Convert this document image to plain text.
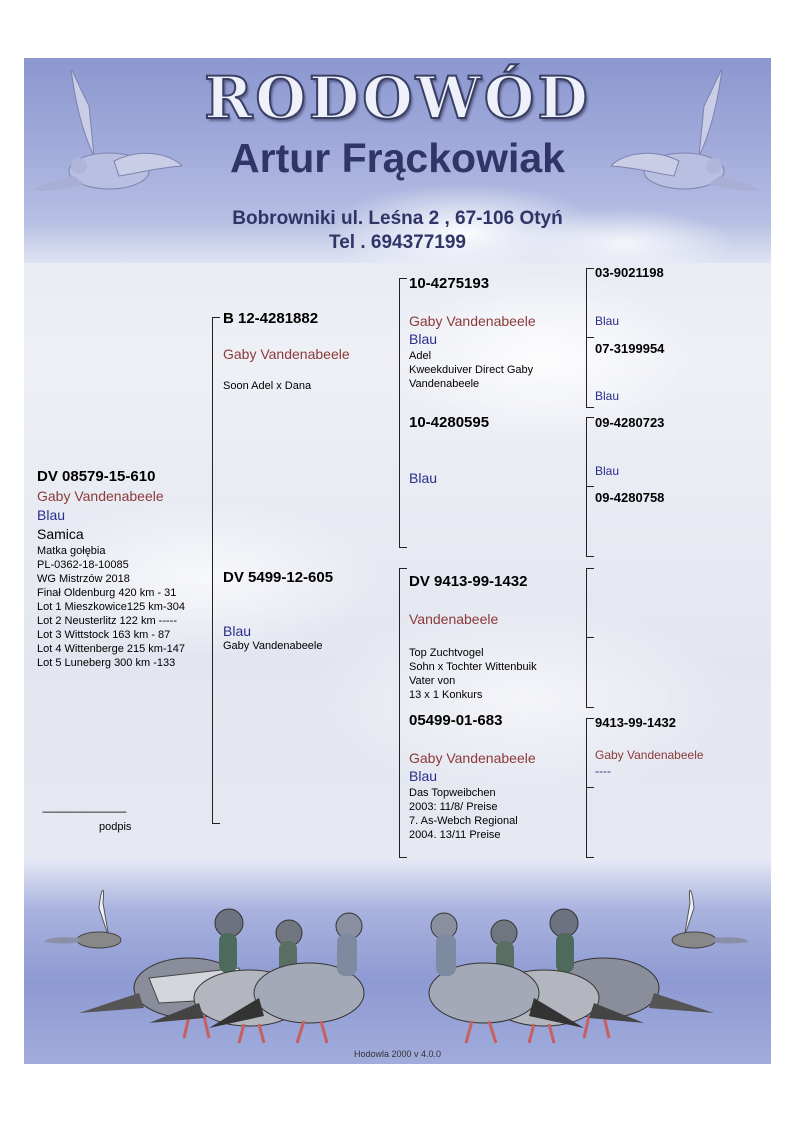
RODOWÓD
Artur Frąckowiak
Bobrowniki ul. Leśna 2 , 67-106 Otyń
Tel . 694377199
DV 08579-15-610
Gaby Vandenabeele
Blau
Samica
Matka gołębia
PL-0362-18-10085
WG Mistrzów 2018
Finał Oldenburg 420 km - 31
Lot 1 Mieszkowice125 km-304
Lot 2 Neusterlitz 122 km -----
Lot 3 Wittstock 163 km - 87
Lot 4 Wittenberge 215 km-147
Lot 5 Luneberg 300 km -133
------------------------------------
podpis
B 12-4281882
Gaby Vandenabeele
Soon Adel x Dana
DV 5499-12-605
Blau
Gaby Vandenabeele
10-4275193
Gaby Vandenabeele
Blau
Adel
Kweekduiver Direct Gaby
Vandenabeele
10-4280595
Blau
DV 9413-99-1432
Vandenabeele
Top Zuchtvogel
Sohn x Tochter Wittenbuik
Vater von
13 x 1 Konkurs
05499-01-683
Gaby Vandenabeele
Blau
Das Topweibchen
2003: 11/8/ Preise
7. As-Webch Regional
2004. 13/11 Preise
03-9021198
Blau
07-3199954
Blau
09-4280723
Blau
09-4280758
9413-99-1432
Gaby Vandenabeele
----
Hodowla 2000 v 4.0.0
